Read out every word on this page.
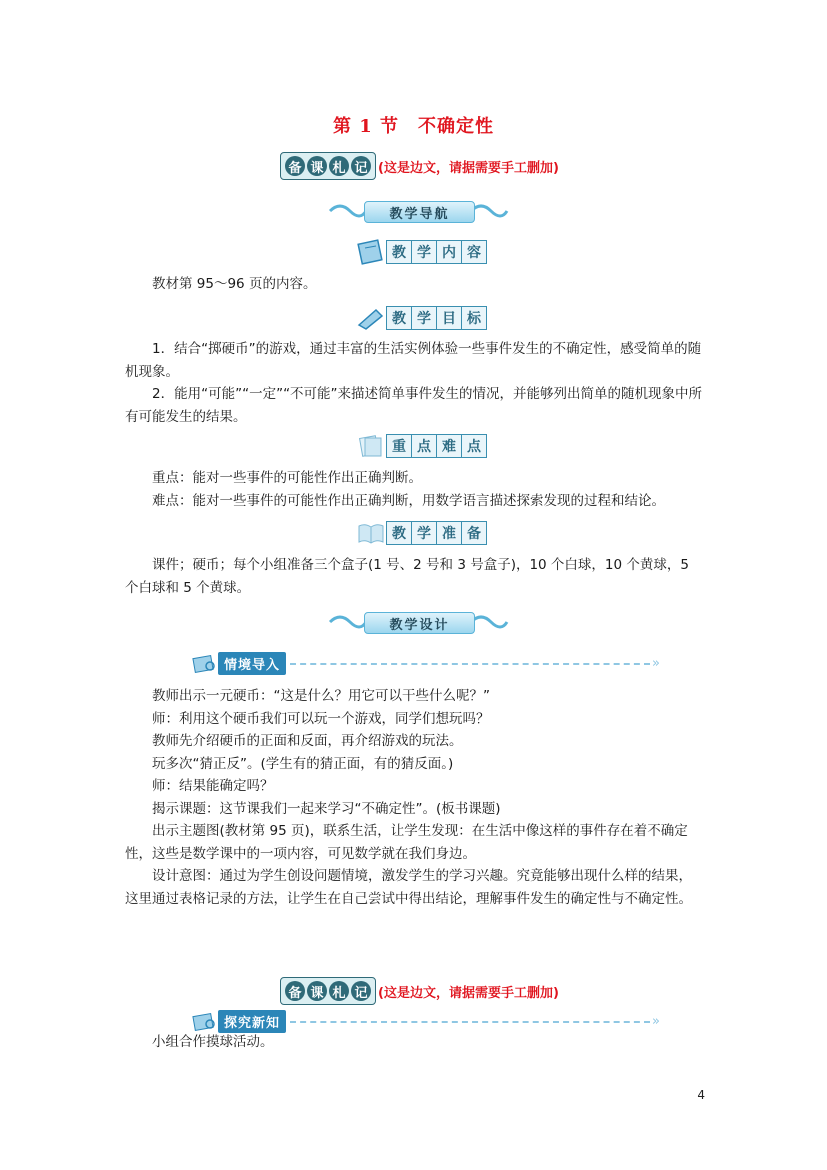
第 1 节　不确定性
备 课 札 记 (这是边文，请据需要手工删加)
教学导航
教 学 内 容

教材第 95～96 页的内容。

教 学 目 标

1．结合“掷硬币”的游戏，通过丰富的生活实例体验一些事件发生的不确定性，感受简单的随机现象。

2．能用“可能”“一定”“不可能”来描述简单事件发生的情况，并能够列出简单的随机现象中所有可能发生的结果。

重 点 难 点

重点：能对一些事件的可能性作出正确判断。

难点：能对一些事件的可能性作出正确判断，用数学语言描述探索发现的过程和结论。

教 学 准 备

课件；硬币；每个小组准备三个盒子(1 号、2 号和 3 号盒子)，10 个白球，10 个黄球，5 个白球和 5 个黄球。

教学设计
情境导入	»

教师出示一元硬币：“这是什么？用它可以干些什么呢？”

师：利用这个硬币我们可以玩一个游戏，同学们想玩吗？

教师先介绍硬币的正面和反面，再介绍游戏的玩法。

玩多次“猜正反”。(学生有的猜正面，有的猜反面。)

师：结果能确定吗？

揭示课题：这节课我们一起来学习“不确定性”。(板书课题)

出示主题图(教材第 95 页)，联系生活，让学生发现：在生活中像这样的事件存在着不确定性，这些是数学课中的一项内容，可见数学就在我们身边。

设计意图：通过为学生创设问题情境，激发学生的学习兴趣。究竟能够出现什么样的结果，这里通过表格记录的方法，让学生在自己尝试中得出结论，理解事件发生的确定性与不确定性。

备 课 札 记 (这是边文，请据需要手工删加)
探究新知	»

小组合作摸球活动。

4
